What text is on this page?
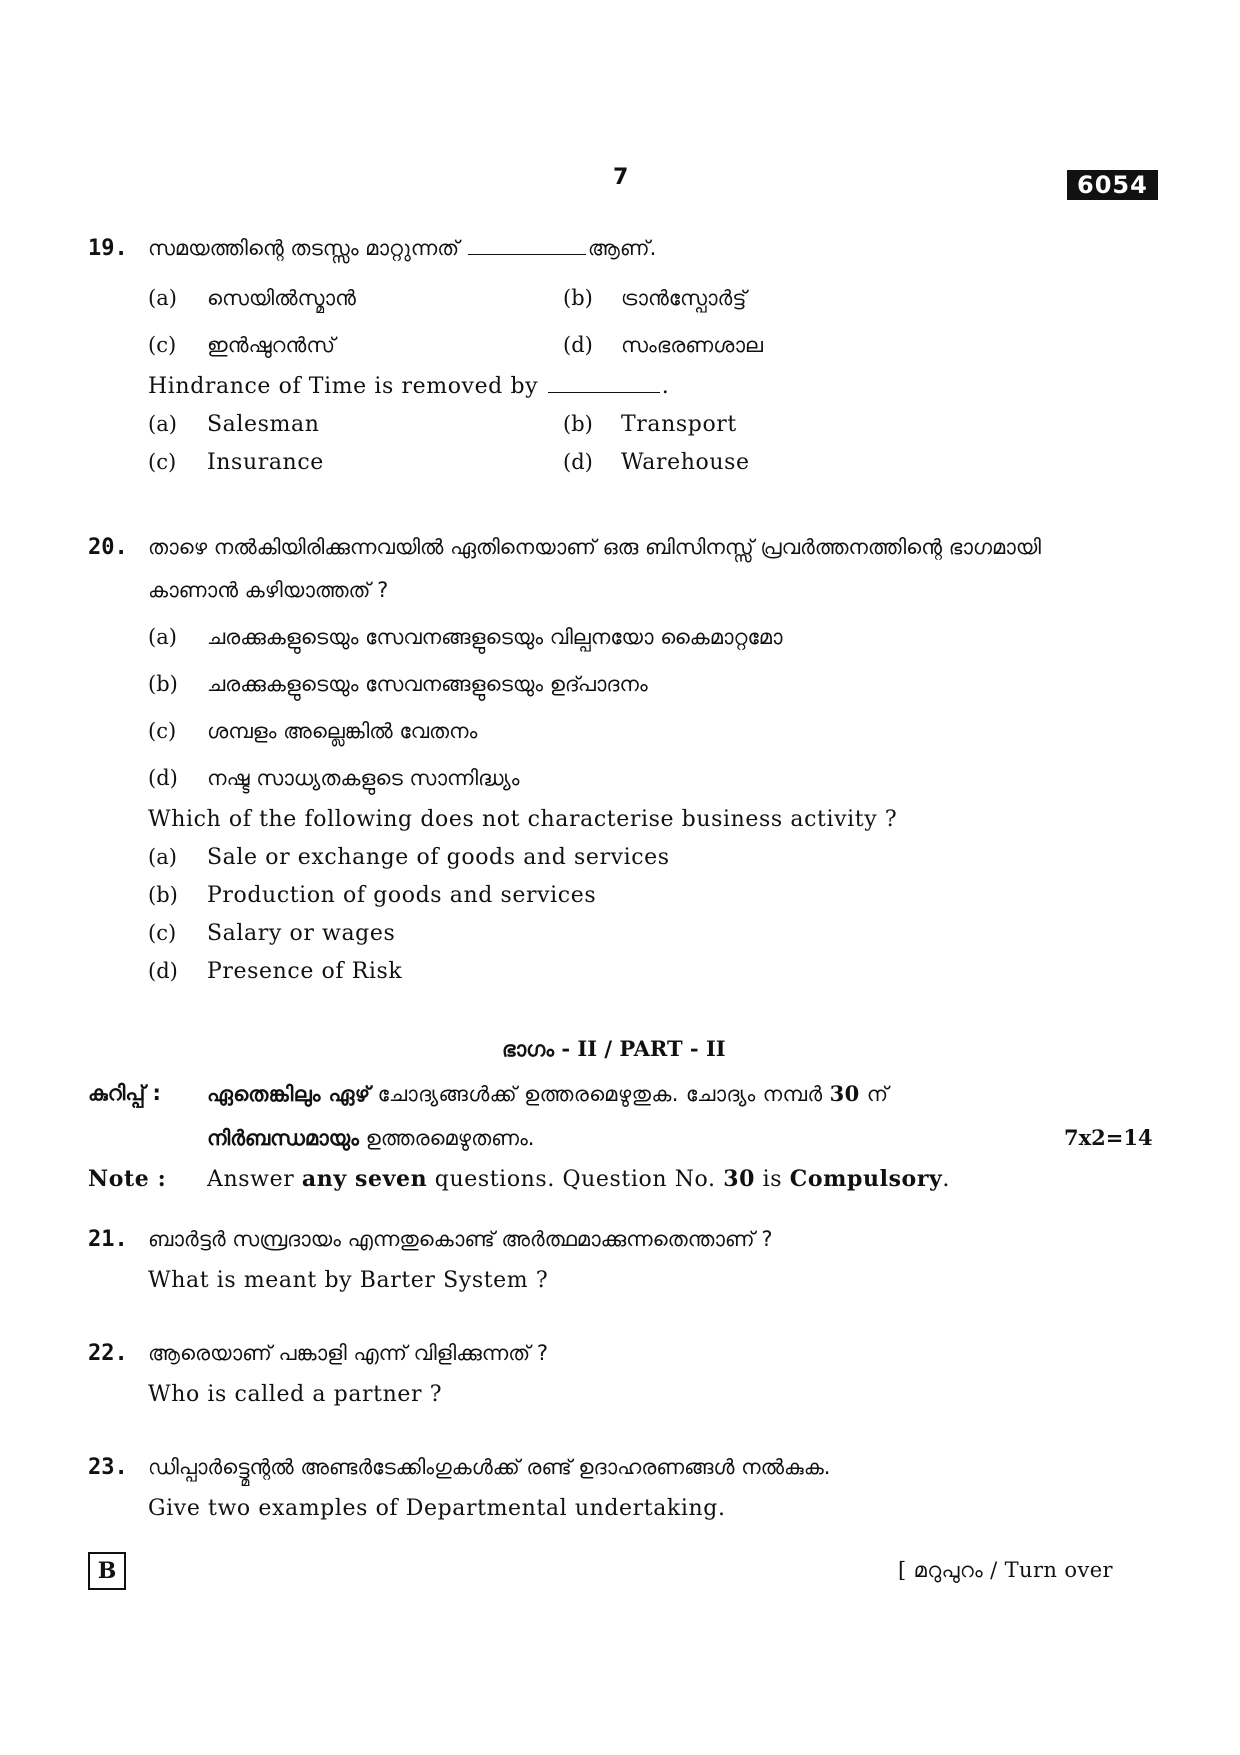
7	6054
19. സമയത്തിന്റെ തടസ്സം മാറ്റുന്നത്	ആണ്.
(a) സെയിൽസ്മാൻ	(b) ട്രാൻസ്പോർട്ട്
(c) ഇൻഷുറൻസ്	(d) സംഭരണശാല
Hindrance of Time is removed by	.
(a) Salesman	(b) Transport
(c) Insurance	(d) Warehouse
20. താഴെ നൽകിയിരിക്കുന്നവയിൽ ഏതിനെയാണ് ഒരു ബിസിനസ്സ് പ്രവർത്തനത്തിന്റെ ഭാഗമായി
കാണാൻ കഴിയാത്തത് ?
(a) ചരക്കുകളുടെയും സേവനങ്ങളുടെയും വില്പനയോ കൈമാറ്റമോ
(b) ചരക്കുകളുടെയും സേവനങ്ങളുടെയും ഉദ്പാദനം
(c) ശമ്പളം അല്ലെങ്കിൽ വേതനം
(d) നഷ്ട സാധ്യതകളുടെ സാന്നിദ്ധ്യം
Which of the following does not characterise business activity ?
(a) Sale or exchange of goods and services
(b) Production of goods and services
(c) Salary or wages
(d) Presence of Risk
ഭാഗം - II / PART - II
കുറിപ്പ് : ഏതെങ്കിലും ഏഴ് ചോദ്യങ്ങൾക്ക് ഉത്തരമെഴുതുക. ചോദ്യം നമ്പർ 30 ന്
നിർബന്ധമായും ഉത്തരമെഴുതണം.	7x2=14
Note : Answer any seven questions. Question No. 30 is Compulsory.
21. ബാർട്ടർ സമ്പ്രദായം എന്നതുകൊണ്ട് അർത്ഥമാക്കുന്നതെന്താണ് ?
What is meant by Barter System ?
22. ആരെയാണ് പങ്കാളി എന്ന് വിളിക്കുന്നത് ?
Who is called a partner ?
23. ഡിപ്പാർട്ട്മെന്റൽ അണ്ടർടേക്കിംഗുകൾക്ക് രണ്ട് ഉദാഹരണങ്ങൾ നൽകുക.
Give two examples of Departmental undertaking.
B	[ മറുപുറം / Turn over
